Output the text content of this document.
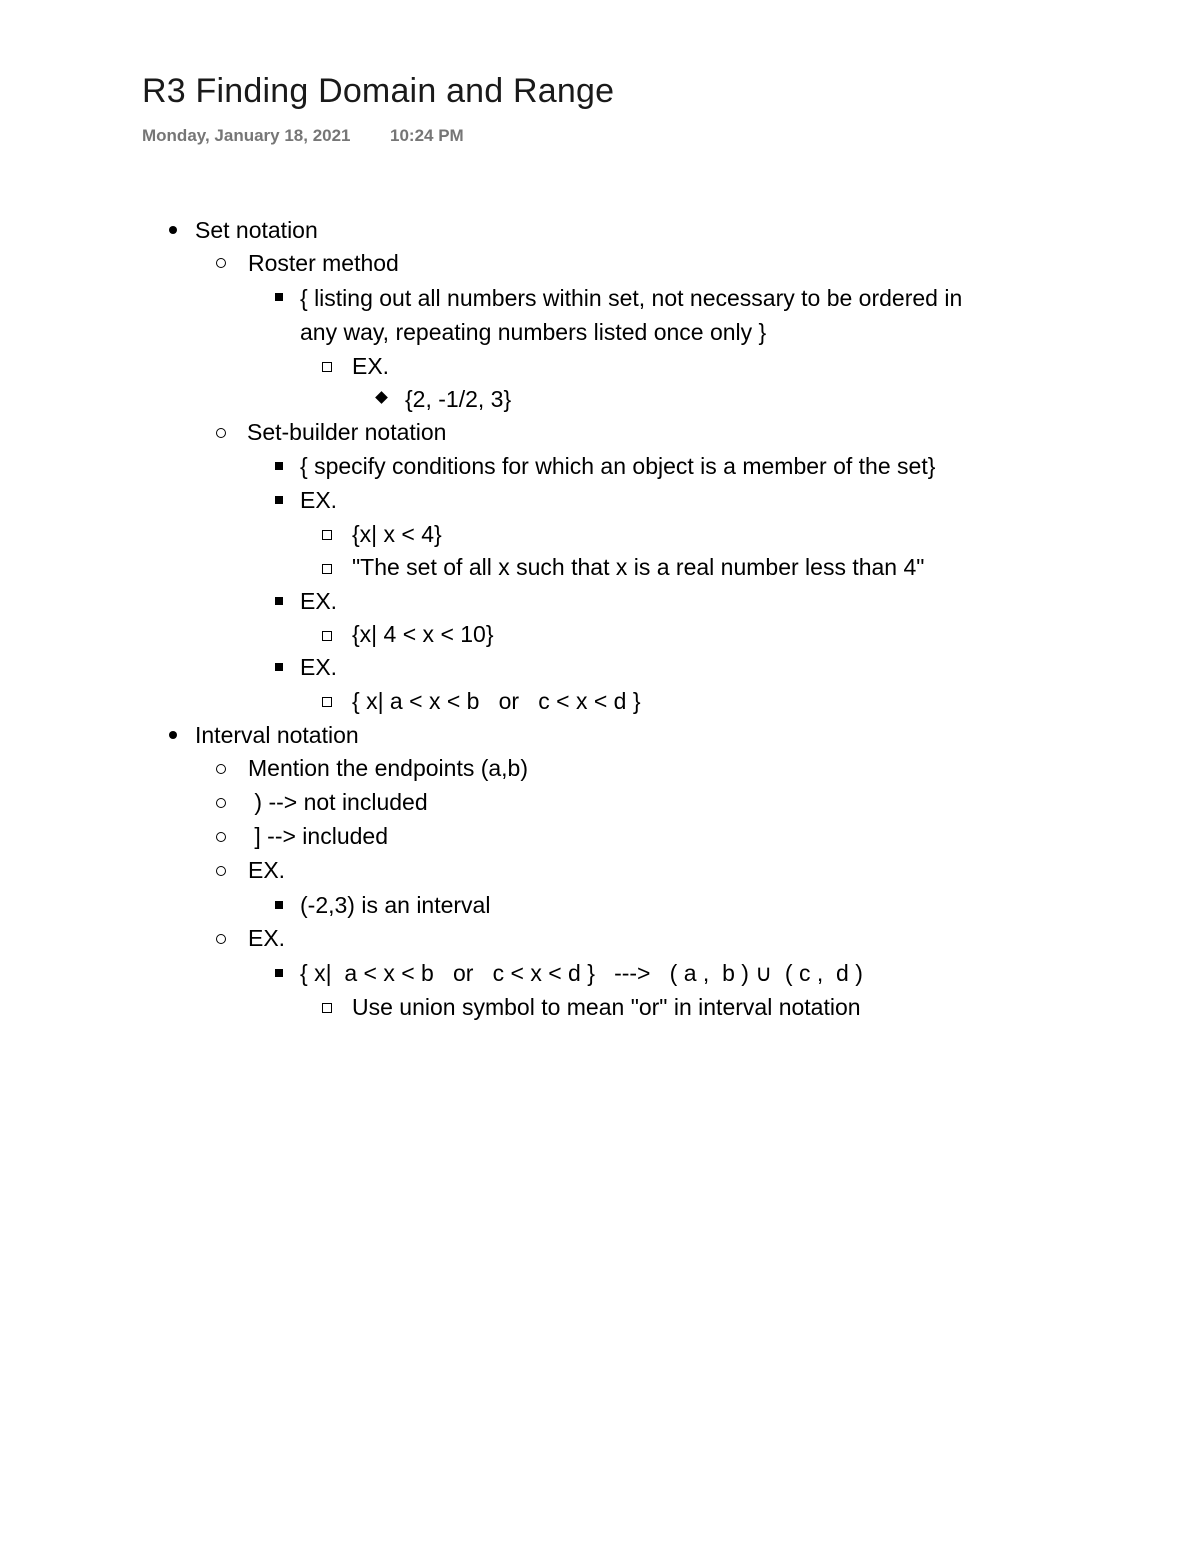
R3 Finding Domain and Range
Monday, January 18, 2021 10:24 PM
Set notation
Roster method
{ listing out all numbers within set, not necessary to be ordered in
any way, repeating numbers listed once only }
EX.
{2, -1/2, 3}
Set-builder notation
{ specify conditions for which an object is a member of the set}
EX.
{x| x < 4}
"The set of all x such that x is a real number less than 4"
EX.
{x| 4 < x < 10}
EX.
{ x| a < x < b   or   c < x < d }
Interval notation
Mention the endpoints (a,b)
) --> not included
] --> included
EX.
(-2,3) is an interval
EX.
{ x|  a < x < b   or   c < x < d }   --->   ( a ,  b ) ∪  ( c ,  d )
Use union symbol to mean "or" in interval notation
